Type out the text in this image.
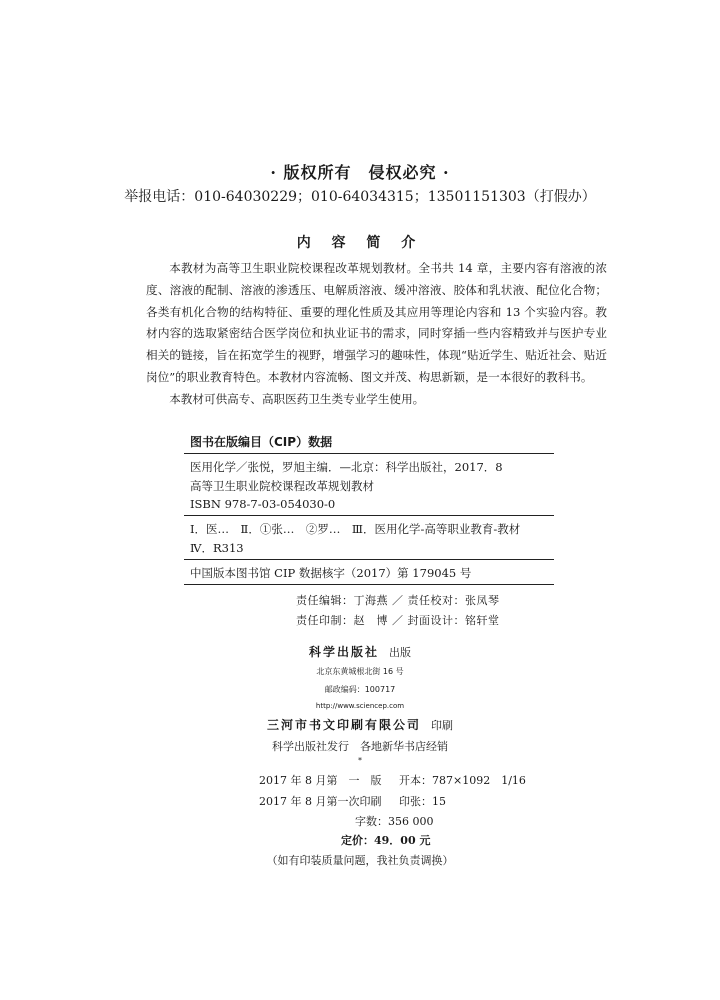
· 版权所有　侵权必究 ·
举报电话：010-64030229；010-64034315；13501151303（打假办）
内 容 简 介

本教材为高等卫生职业院校课程改革规划教材。全书共 14 章，主要内容有溶液的浓度、溶液的配制、溶液的渗透压、电解质溶液、缓冲溶液、胶体和乳状液、配位化合物；各类有机化合物的结构特征、重要的理化性质及其应用等理论内容和 13 个实验内容。教材内容的选取紧密结合医学岗位和执业证书的需求，同时穿插一些内容精致并与医护专业相关的链接，旨在拓宽学生的视野，增强学习的趣味性，体现“贴近学生、贴近社会、贴近岗位”的职业教育特色。本教材内容流畅、图文并茂、构思新颖，是一本很好的教科书。

本教材可供高专、高职医药卫生类专业学生使用。

图书在版编目（CIP）数据
医用化学／张悦，罗旭主编．—北京：科学出版社，2017．8
高等卫生职业院校课程改革规划教材
ISBN 978-7-03-054030-0
Ⅰ．医…　Ⅱ．①张…　②罗…　Ⅲ．医用化学-高等职业教育-教材
Ⅳ．R313
中国版本图书馆 CIP 数据核字（2017）第 179045 号
责任编辑：丁海燕 ／ 责任校对：张凤琴
责任印制：赵　博 ／ 封面设计：铭轩堂
科学出版社 出版
北京东黄城根北街 16 号
邮政编码：100717
http://www.sciencep.com
三河市书文印刷有限公司 印刷
科学出版社发行　各地新华书店经销
*
2017 年 8 月第　一　版 开本：787×1092　1/16
2017 年 8 月第一次印刷 印张：15
字数：356 000
定价：49．00 元
（如有印装质量问题，我社负责调换）
